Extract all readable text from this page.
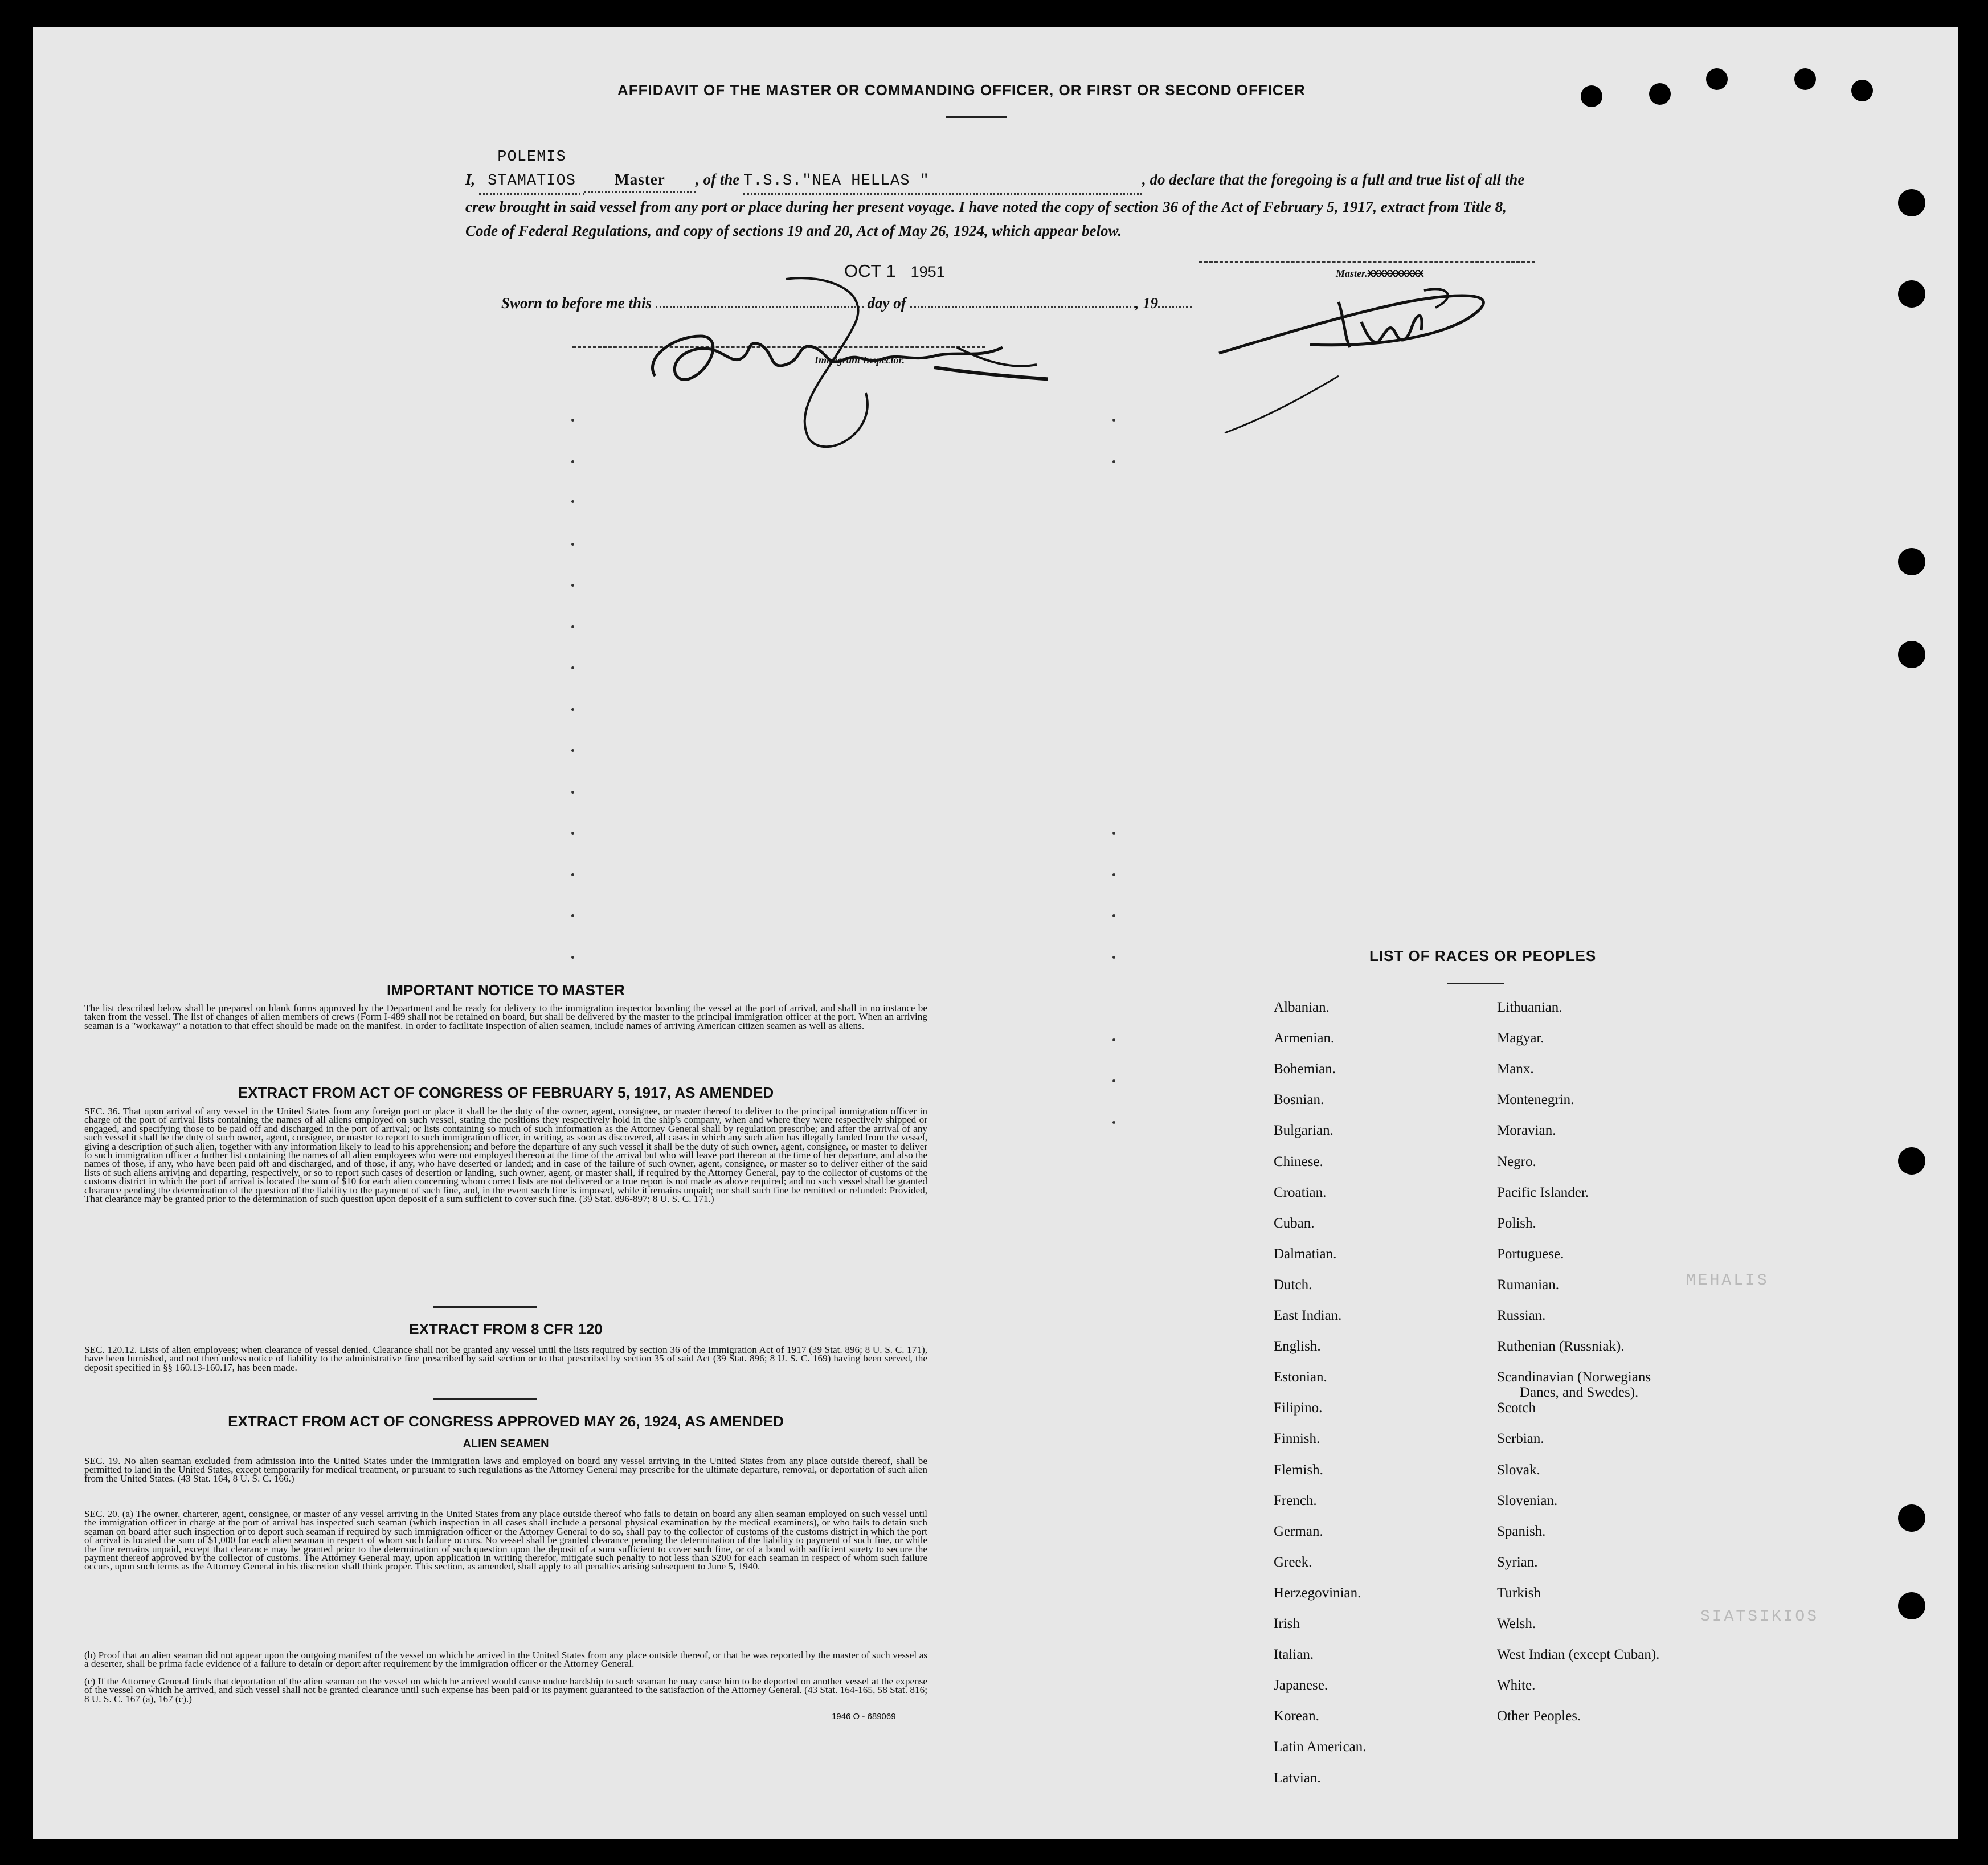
MEHALIS
SIATSIKIOS
AFFIDAVIT OF THE MASTER OR COMMANDING OFFICER, OR FIRST OR SECOND OFFICER
I, POLEMIS STAMATIOS	Master , of the T.S.S."NEA HELLAS "	, do declare that the foregoing is a full and true list of all the crew brought in said vessel from any port or place during her present voyage. I have noted the copy of section 36 of the Act of February 5, 1917, extract from Title 8, Code of Federal Regulations, and copy of sections 19 and 20, Act of May 26, 1924, which appear below.
OCT 1 1951
Sworn to before me this	day of	, 19
Immigrant Inspector.
Master.XXXXXXXXXX
IMPORTANT NOTICE TO MASTER
The list described below shall be prepared on blank forms approved by the Department and be ready for delivery to the immigration inspector boarding the vessel at the port of arrival, and shall in no instance be taken from the vessel. The list of changes of alien members of crews (Form I-489 shall not be retained on board, but shall be delivered by the master to the principal immigration officer at the port. When an arriving seaman is a "workaway" a notation to that effect should be made on the manifest. In order to facilitate inspection of alien seamen, include names of arriving American citizen seamen as well as aliens.
EXTRACT FROM ACT OF CONGRESS OF FEBRUARY 5, 1917, AS AMENDED
SEC. 36. That upon arrival of any vessel in the United States from any foreign port or place it shall be the duty of the owner, agent, consignee, or master thereof to deliver to the principal immigration officer in charge of the port of arrival lists containing the names of all aliens employed on such vessel, stating the positions they respectively hold in the ship's company, when and where they were respectively shipped or engaged, and specifying those to be paid off and discharged in the port of arrival; or lists containing so much of such information as the Attorney General shall by regulation prescribe; and after the arrival of any such vessel it shall be the duty of such owner, agent, consignee, or master to report to such immigration officer, in writing, as soon as discovered, all cases in which any such alien has illegally landed from the vessel, giving a description of such alien, together with any information likely to lead to his apprehension; and before the departure of any such vessel it shall be the duty of such owner, agent, consignee, or master to deliver to such immigration officer a further list containing the names of all alien employees who were not employed thereon at the time of the arrival but who will leave port thereon at the time of her departure, and also the names of those, if any, who have been paid off and discharged, and of those, if any, who have deserted or landed; and in case of the failure of such owner, agent, consignee, or master so to deliver either of the said lists of such aliens arriving and departing, respectively, or so to report such cases of desertion or landing, such owner, agent, or master shall, if required by the Attorney General, pay to the collector of customs of the customs district in which the port of arrival is located the sum of $10 for each alien concerning whom correct lists are not delivered or a true report is not made as above required; and no such vessel shall be granted clearance pending the determination of the question of the liability to the payment of such fine, and, in the event such fine is imposed, while it remains unpaid; nor shall such fine be remitted or refunded: Provided, That clearance may be granted prior to the determination of such question upon deposit of a sum sufficient to cover such fine. (39 Stat. 896-897; 8 U. S. C. 171.)
EXTRACT FROM 8 CFR 120
SEC. 120.12. Lists of alien employees; when clearance of vessel denied. Clearance shall not be granted any vessel until the lists required by section 36 of the Immigration Act of 1917 (39 Stat. 896; 8 U. S. C. 171), have been furnished, and not then unless notice of liability to the administrative fine prescribed by said section or to that prescribed by section 35 of said Act (39 Stat. 896; 8 U. S. C. 169) having been served, the deposit specified in §§ 160.13-160.17, has been made.
EXTRACT FROM ACT OF CONGRESS APPROVED MAY 26, 1924, AS AMENDED
ALIEN SEAMEN
SEC. 19. No alien seaman excluded from admission into the United States under the immigration laws and employed on board any vessel arriving in the United States from any place outside thereof, shall be permitted to land in the United States, except temporarily for medical treatment, or pursuant to such regulations as the Attorney General may prescribe for the ultimate departure, removal, or deportation of such alien from the United States. (43 Stat. 164, 8 U. S. C. 166.)
SEC. 20. (a) The owner, charterer, agent, consignee, or master of any vessel arriving in the United States from any place outside thereof who fails to detain on board any alien seaman employed on such vessel until the immigration officer in charge at the port of arrival has inspected such seaman (which inspection in all cases shall include a personal physical examination by the medical examiners), or who fails to detain such seaman on board after such inspection or to deport such seaman if required by such immigration officer or the Attorney General to do so, shall pay to the collector of customs of the customs district in which the port of arrival is located the sum of $1,000 for each alien seaman in respect of whom such failure occurs. No vessel shall be granted clearance pending the determination of the liability to payment of such fine, or while the fine remains unpaid, except that clearance may be granted prior to the determination of such question upon the deposit of a sum sufficient to cover such fine, or of a bond with sufficient surety to secure the payment thereof approved by the collector of customs. The Attorney General may, upon application in writing therefor, mitigate such penalty to not less than $200 for each seaman in respect of whom such failure occurs, upon such terms as the Attorney General in his discretion shall think proper. This section, as amended, shall apply to all penalties arising subsequent to June 5, 1940.
(b) Proof that an alien seaman did not appear upon the outgoing manifest of the vessel on which he arrived in the United States from any place outside thereof, or that he was reported by the master of such vessel as a deserter, shall be prima facie evidence of a failure to detain or deport after requirement by the immigration officer or the Attorney General.
(c) If the Attorney General finds that deportation of the alien seaman on the vessel on which he arrived would cause undue hardship to such seaman he may cause him to be deported on another vessel at the expense of the vessel on which he arrived, and such vessel shall not be granted clearance until such expense has been paid or its payment guaranteed to the satisfaction of the Attorney General. (43 Stat. 164-165, 58 Stat. 816; 8 U. S. C. 167 (a), 167 (c).)
1946 O - 689069
LIST OF RACES OR PEOPLES
Albanian.
Armenian.
Bohemian.
Bosnian.
Bulgarian.
Chinese.
Croatian.
Cuban.
Dalmatian.
Dutch.
East Indian.
English.
Estonian.
Filipino.
Finnish.
Flemish.
French.
German.
Greek.
Herzegovinian.
Irish
Italian.
Japanese.
Korean.
Latin American.
Latvian.
Lithuanian.
Magyar.
Manx.
Montenegrin.
Moravian.
Negro.
Pacific Islander.
Polish.
Portuguese.
Rumanian.
Russian.
Ruthenian (Russniak).
Scandinavian (Norwegians
Danes, and Swedes).
Scotch
Serbian.
Slovak.
Slovenian.
Spanish.
Syrian.
Turkish
Welsh.
West Indian (except Cuban).
White.
Other Peoples.
